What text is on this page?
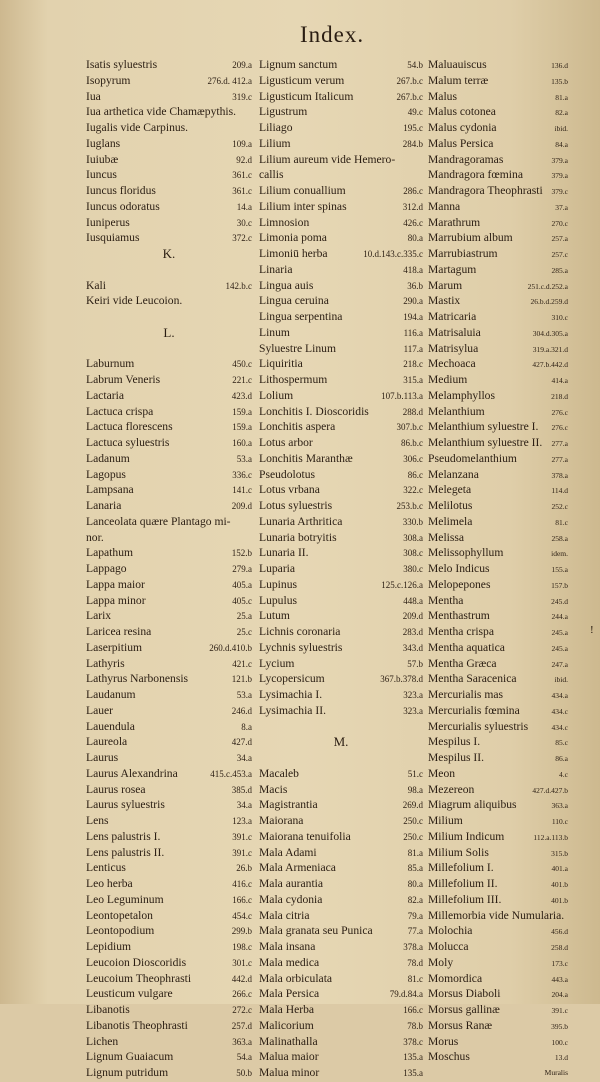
Index.
Isatis syluestris	209.a
Isopyrum	276.d. 412.a
Iua	319.c
Iua arthetica vide Chamæpythis.
Iugalis vide Carpinus.
Iuglans	109.a
Iuiubæ	92.d
Iuncus	361.c
Iuncus floridus	361.c
Iuncus odoratus	14.a
Iuniperus	30.c
Iusquiamus	372.c
K.
Kali	142.b.c
Keiri vide Leucoion.
L.
Laburnum	450.c
Labrum Veneris	221.c
Lactaria	423.d
Lactuca crispa	159.a
Lactuca florescens	159.a
Lactuca syluestris	160.a
Ladanum	53.a
Lagopus	336.c
Lampsana	141.c
Lanaria	209.d
Lanceolata quære Plantago mi-
nor.
Lapathum	152.b
Lappago	279.a
Lappa maior	405.a
Lappa minor	405.c
Larix	25.a
Laricea resina	25.c
Laserpitium	260.d.410.b
Lathyris	421.c
Lathyrus Narbonensis	121.b
Laudanum	53.a
Lauer	246.d
Lauendula	8.a
Laureola	427.d
Laurus	34.a
Laurus Alexandrina	415.c.453.a
Laurus rosea	385.d
Laurus syluestris	34.a
Lens	123.a
Lens palustris I.	391.c
Lens palustris II.	391.c
Lenticus	26.b
Leo herba	416.c
Leo Leguminum	166.c
Leontopetalon	454.c
Leontopodium	299.b
Lepidium	198.c
Leucoion Dioscoridis	301.c
Leucoium Theophrasti	442.d
Leusticum vulgare	266.c
Libanotis	272.c
Libanotis Theophrasti	257.d
Lichen	363.a
Lignum Guaiacum	54.a
Lignum putridum	50.b
Lignum sanctum	54.b
Ligusticum verum	267.b.c
Ligusticum Italicum	267.b.c
Ligustrum	49.c
Liliago	195.c
Lilium	284.b
Lilium aureum vide Hemero-
callis
Lilium conuallium	286.c
Lilium inter spinas	312.d
Limnosion	426.c
Limonia poma	80.a
Limoniū herba	10.d.143.c.335.c
Linaria	418.a
Lingua auis	36.b
Lingua ceruina	290.a
Lingua serpentina	194.a
Linum	116.a
Syluestre Linum	117.a
Liquiritia	218.c
Lithospermum	315.a
Lolium	107.b.113.a
Lonchitis I. Dioscoridis	288.d
Lonchitis aspera	307.b.c
Lotus arbor	86.b.c
Lonchitis Maranthæ	306.c
Pseudolotus	86.c
Lotus vrbana	322.c
Lotus syluestris	253.b.c
Lunaria Arthritica	330.b
Lunaria botryitis	308.a
Lunaria II.	308.c
Luparia	380.c
Lupinus	125.c.126.a
Lupulus	448.a
Lutum	209.d
Lichnis coronaria	283.d
Lychnis syluestris	343.d
Lycium	57.b
Lycopersicum	367.b.378.d
Lysimachia I.	323.a
Lysimachia II.	323.a
M.
Macaleb	51.c
Macis	98.a
Magistrantia	269.d
Maiorana	250.c
Maiorana tenuifolia	250.c
Mala Adami	81.a
Mala Armeniaca	85.a
Mala aurantia	80.a
Mala cydonia	82.a
Mala citria	79.a
Mala granata seu Punica	77.a
Mala insana	378.a
Mala medica	78.d
Mala orbiculata	81.c
Mala Persica	79.d.84.a
Mala Herba	166.c
Malicorium	78.b
Malinathalla	378.c
Malua maior	135.a
Malua minor	135.a
Maluauiscus	136.d
Malum terræ	135.b
Malus	81.a
Malus cotonea	82.a
Malus cydonia	ibid.
Malus Persica	84.a
Mandragoramas	379.a
Mandragora fœmina	379.a
Mandragora Theophrasti	379.c
Manna	37.a
Marathrum	270.c
Marrubium album	257.a
Marrubiastrum	257.c
Martagum	285.a
Marum	251.c.d.252.a
Mastix	26.b.d.259.d
Matricaria	310.c
Matrisaluia	304.d.305.a
Matrisylua	319.a.321.d
Mechoaca	427.b.442.d
Medium	414.a
Melamphyllos	218.d
Melanthium	276.c
Melanthium syluestre I.	276.c
Melanthium syluestre II.	277.a
Pseudomelanthium	277.a
Melanzana	378.a
Melegeta	114.d
Melilotus	252.c
Melimela	81.c
Melissa	258.a
Melissophyllum	idem.
Melo Indicus	155.a
Melopepones	157.b
Mentha	245.d
Menthastrum	244.a
Mentha crispa	245.a
Mentha aquatica	245.a
Mentha Græca	247.a
Mentha Saracenica	ibid.
Mercurialis mas	434.a
Mercurialis fœmina	434.c
Mercurialis syluestris	434.c
Mespilus I.	85.c
Mespilus II.	86.a
Meon	4.c
Mezereon	427.d.427.b
Miagrum aliquibus	363.a
Milium	110.c
Milium Indicum	112.a.113.b
Milium Solis	315.b
Millefolium I.	401.a
Millefolium II.	401.b
Millefolium III.	401.b
Millemorbia vide Numularia.
Molochia	456.d
Molucca	258.d
Moly	173.c
Momordica	443.a
Morsus Diaboli	204.a
Morsus gallinæ	391.c
Morsus Ranæ	395.b
Morus	100.c
Moschus	13.d
Muralis
!
